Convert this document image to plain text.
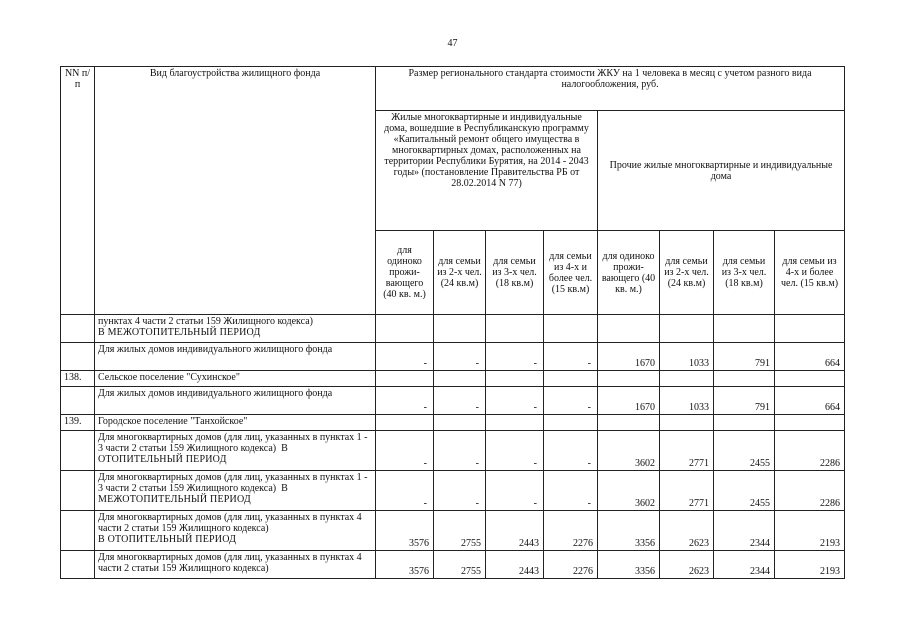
47
NN п/п	Вид благоустройства жилищного фонда	Размер регионального стандарта стоимости ЖКУ на 1 человека в месяц с учетом разного вида налогообложения, руб.							
		Жилые многоквартирные и индивидуальные дома, вошедшие в Республиканскую программу «Капитальный ремонт общего имущества в многоквартирных домах, расположенных на территории Республики Бурятия, на 2014 - 2043 годы» (постановление Правительства РБ от 28.02.2014 N 77)				Прочие жилые многоквартирные и индивидуальные дома			
		для одиноко прожи- вающего (40 кв. м.)	для семьи из 2-х чел. (24 кв.м)	для семьи из 3-х чел. (18 кв.м)	для семьи из 4-х и более чел. (15 кв.м)	для одиноко прожи- вающего (40 кв. м.)	для семьи из 2-х чел. (24 кв.м)	для семьи из 3-х чел. (18 кв.м)	для семьи из 4-х и более чел. (15 кв.м)
	пунктах 4 части 2 статьи 159 Жилищного кодекса)
В МЕЖОТОПИТЕЛЬНЫЙ ПЕРИОД								

	Для жилых домов индивидуального жилищного фонда	-	-	-	-	1670	1033	791	664
138.	Сельское поселение "Сухинское"								
	Для жилых домов индивидуального жилищного фонда	-	-	-	-	1670	1033	791	664
139.	Городское поселение "Танхойское"								
	Для многоквартирных домов (для лиц, указанных в пунктах 1 - 3 части 2 статьи 159 Жилищного кодекса) В ОТОПИТЕЛЬНЫЙ ПЕРИОД	-	-	-	-	3602	2771	2455	2286
	Для многоквартирных домов (для лиц, указанных в пунктах 1 - 3 части 2 статьи 159 Жилищного кодекса) В МЕЖОТОПИТЕЛЬНЫЙ ПЕРИОД	-	-	-	-	3602	2771	2455	2286
	Для многоквартирных домов (для лиц, указанных в пунктах 4 части 2 статьи 159 Жилищного кодекса)
В ОТОПИТЕЛЬНЫЙ ПЕРИОД	3576	2755	2443	2276	3356	2623	2344	2193
	Для многоквартирных домов (для лиц, указанных в пунктах 4 части 2 статьи 159 Жилищного кодекса)	3576	2755	2443	2276	3356	2623	2344	2193
